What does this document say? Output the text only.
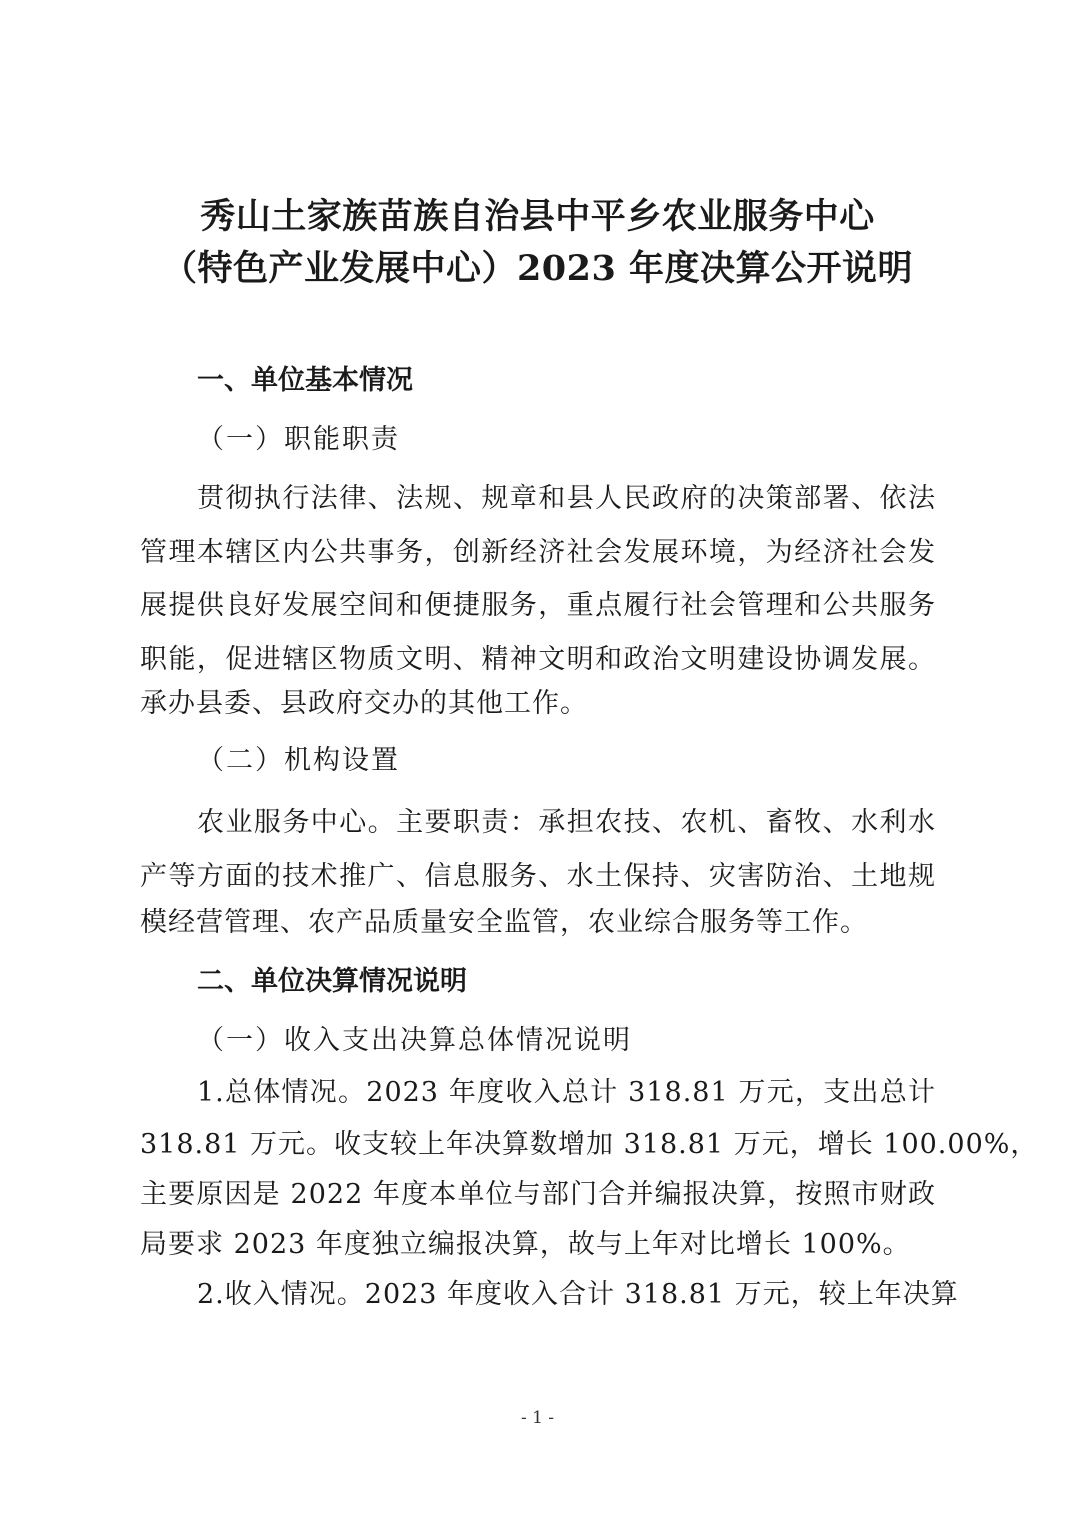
秀山土家族苗族自治县中平乡农业服务中心
（特色产业发展中心）2023 年度决算公开说明
一、单位基本情况
（一）职能职责
贯彻执行法律、法规、规章和县人民政府的决策部署、依法
管理本辖区内公共事务，创新经济社会发展环境，为经济社会发
展提供良好发展空间和便捷服务，重点履行社会管理和公共服务
职能，促进辖区物质文明、精神文明和政治文明建设协调发展。
承办县委、县政府交办的其他工作。
（二）机构设置
农业服务中心。主要职责：承担农技、农机、畜牧、水利水
产等方面的技术推广、信息服务、水土保持、灾害防治、土地规
模经营管理、农产品质量安全监管，农业综合服务等工作。
二、单位决算情况说明
（一）收入支出决算总体情况说明
1.总体情况。2023 年度收入总计 318.81 万元，支出总计
318.81 万元。收支较上年决算数增加 318.81 万元，增长 100.00%，
主要原因是 2022 年度本单位与部门合并编报决算，按照市财政
局要求 2023 年度独立编报决算，故与上年对比增长 100%。
2.收入情况。2023 年度收入合计 318.81 万元，较上年决算
- 1 -
